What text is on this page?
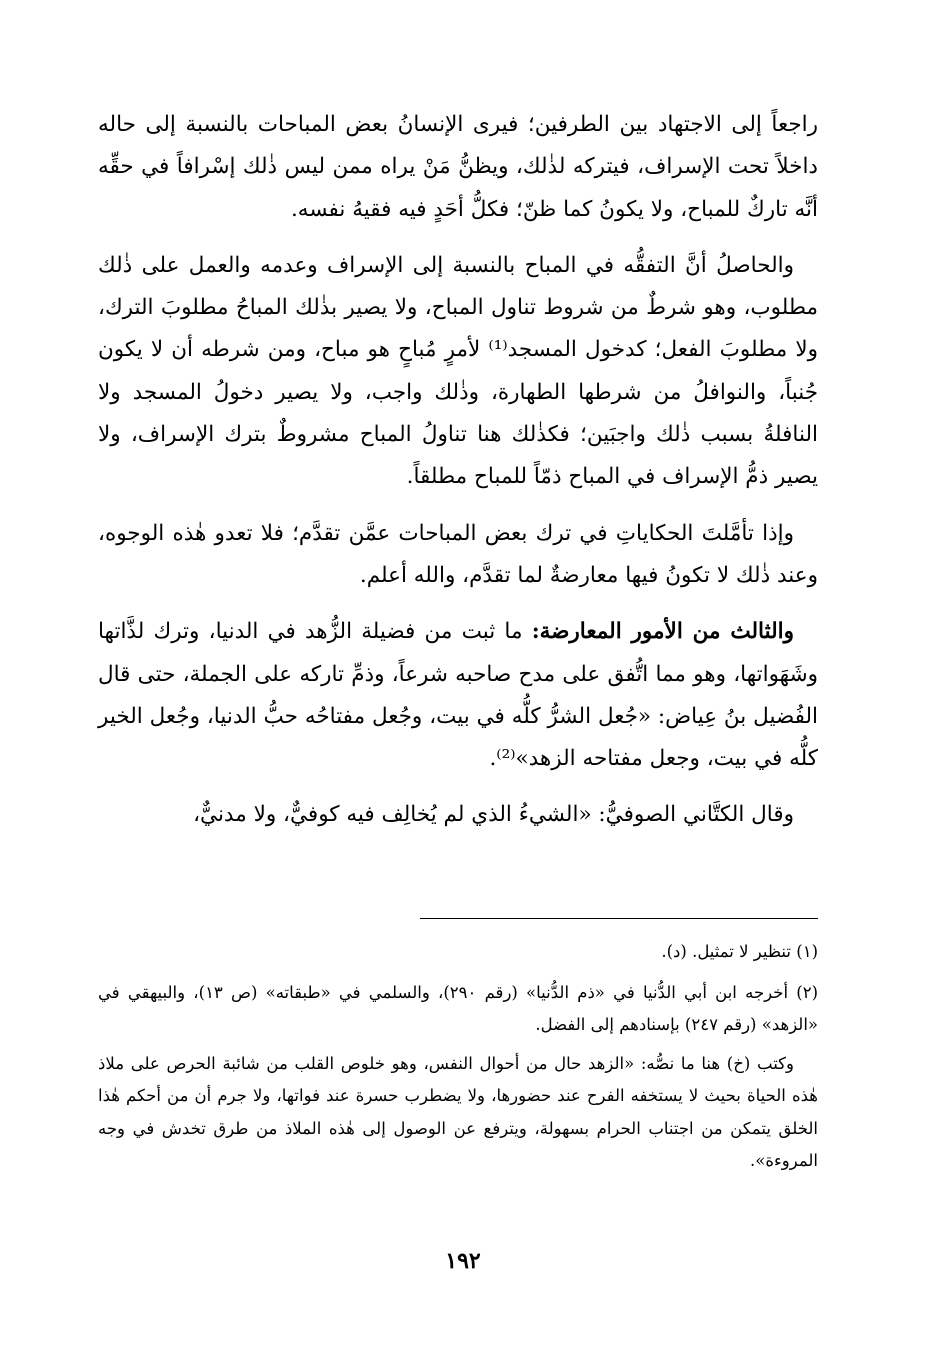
راجعاً إلى الاجتهاد بين الطرفين؛ فيرى الإنسانُ بعض المباحات بالنسبة إلى حاله داخلاً تحت الإسراف، فيتركه لذٰلك، ويظنُّ مَنْ يراه ممن ليس ذٰلك إسْرافاً في حقِّه أنَّه تاركٌ للمباح، ولا يكونُ كما ظنّ؛ فكلُّ أحَدٍ فيه فقيهُ نفسه.

والحاصلُ أنَّ التفقُّه في المباح بالنسبة إلى الإسراف وعدمه والعمل على ذٰلك مطلوب، وهو شرطٌ من شروط تناول المباح، ولا يصير بذٰلك المباحُ مطلوبَ الترك، ولا مطلوبَ الفعل؛ كدخول المسجد⁽¹⁾ لأمرٍ مُباحٍ هو مباح، ومن شرطه أن لا يكون جُنباً، والنوافلُ من شرطها الطهارة، وذٰلك واجب، ولا يصير دخولُ المسجد ولا النافلةُ بسبب ذٰلك واجبَين؛ فكذٰلك هنا تناولُ المباح مشروطٌ بترك الإسراف، ولا يصير ذمُّ الإسراف في المباح ذمّاً للمباح مطلقاً.

وإذا تأمَّلتَ الحكاياتِ في ترك بعض المباحات عمَّن تقدَّم؛ فلا تعدو هٰذه الوجوه، وعند ذٰلك لا تكونُ فيها معارضةٌ لما تقدَّم، والله أعلم.

والثالث من الأمور المعارضة: ما ثبت من فضيلة الزُّهد في الدنيا، وترك لذَّاتها وشَهَواتها، وهو مما اتُّفق على مدح صاحبه شرعاً، وذمِّ تاركه على الجملة، حتى قال الفُضيل بنُ عِياض: «جُعل الشرُّ كلُّه في بيت، وجُعل مفتاحُه حبُّ الدنيا، وجُعل الخير كلُّه في بيت، وجعل مفتاحه الزهد»⁽²⁾.

وقال الكتَّاني الصوفيُّ: «الشيءُ الذي لم يُخالِف فيه كوفيٌّ، ولا مدنيٌّ،

(١) تنظير لا تمثيل. (د).

(٢) أخرجه ابن أبي الدُّنيا في «ذم الدُّنيا» (رقم ٢٩٠)، والسلمي في «طبقاته» (ص ١٣)، والبيهقي في «الزهد» (رقم ٢٤٧) بإسنادهم إلى الفضل.

وكتب (خ) هنا ما نصُّه: «الزهد حال من أحوال النفس، وهو خلوص القلب من شائبة الحرص على ملاذ هٰذه الحياة بحيث لا يستخفه الفرح عند حضورها، ولا يضطرب حسرة عند فواتها، ولا جرم أن من أحكم هٰذا الخلق يتمكن من اجتناب الحرام بسهولة، ويترفع عن الوصول إلى هٰذه الملاذ من طرق تخدش في وجه المروءة».

١٩٢
